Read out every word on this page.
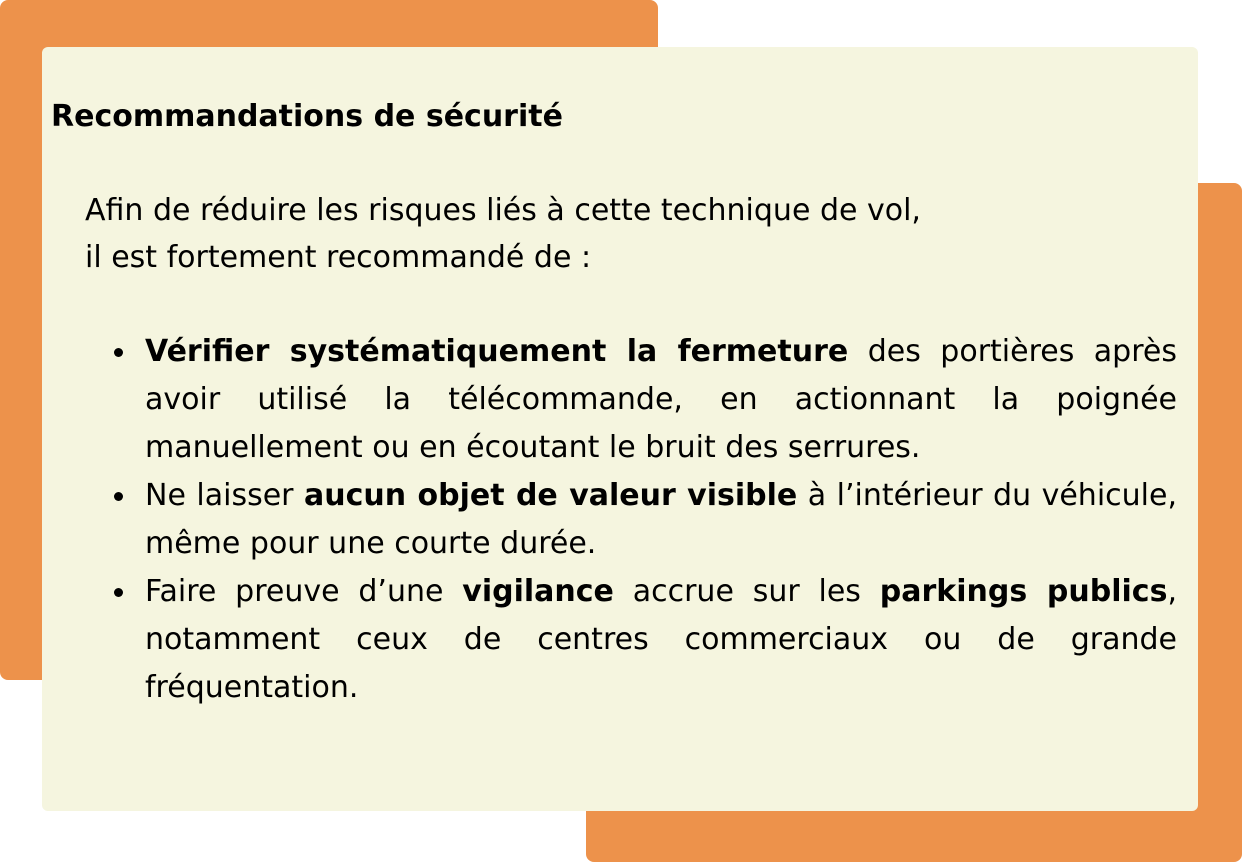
Recommandations de sécurité

Afin de réduire les risques liés à cette technique de vol,
il est fortement recommandé de :

Vérifier systématiquement la fermeture des portières après avoir utilisé la télécommande, en actionnant la poignée manuellement ou en écoutant le bruit des serrures.
Ne laisser aucun objet de valeur visible à l’intérieur du véhicule, même pour une courte durée.
Faire preuve d’une vigilance accrue sur les parkings publics, notamment ceux de centres commerciaux ou de grande fréquentation.
